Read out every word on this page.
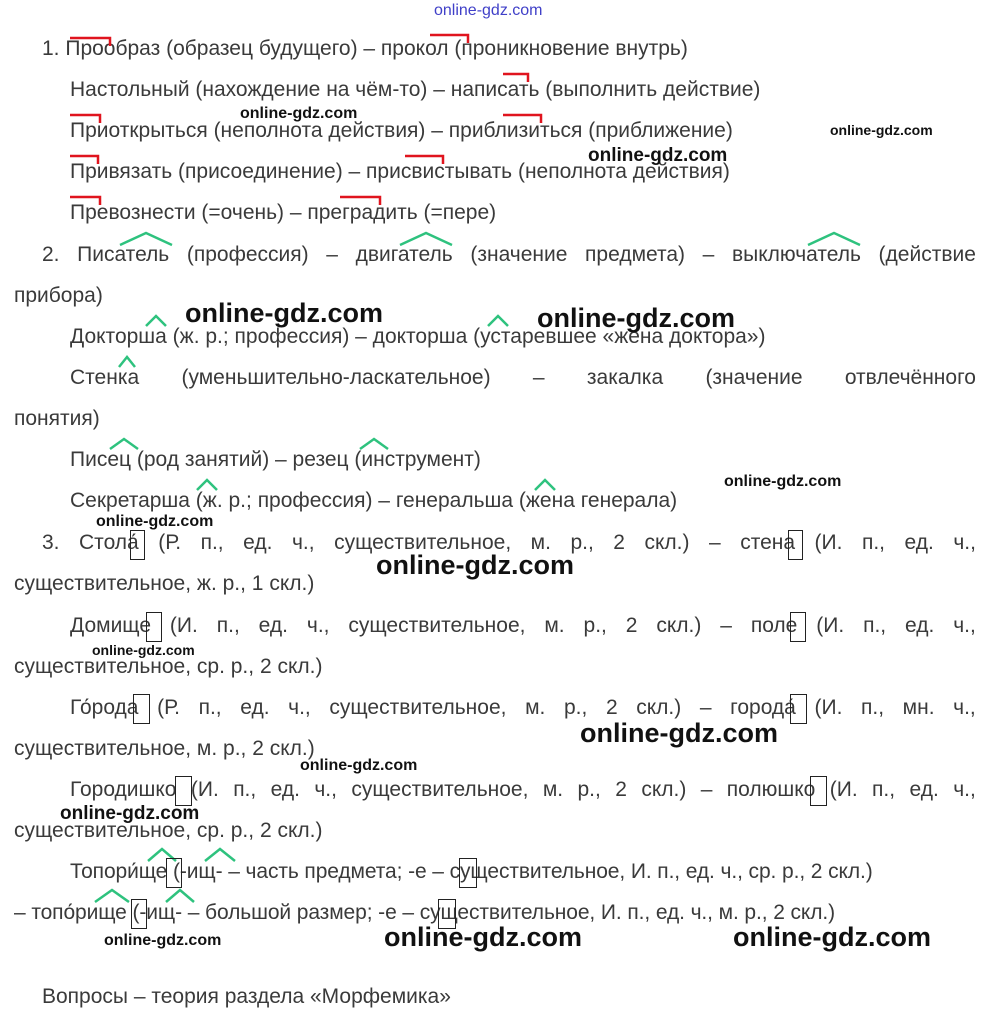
online-gdz.com
1. Прообраз (образец будущего) – прокол (проникновение внутрь)
Настольный (нахождение на чём-то) – написать (выполнить действие)
Приоткрыться (неполнота действия) – приблизиться (приближение)
Привязать (присоединение) – присвистывать (неполнота действия)
Превознести (=очень) – преградить (=пере)
2. Писатель (профессия) – двигатель (значение предмета) – выключатель (действие
прибора)
Докторша (ж. р.; профессия) – докторша (устаревшее «жена доктора»)
Стенка (уменьшительно-ласкательное) – закалка (значение отвлечённого
понятия)
Писец (род занятий) – резец (инструмент)
Секретарша (ж. р.; профессия) – генеральша (жена генерала)
3. Стола́ (Р. п., ед. ч., существительное, м. р., 2 скл.) – стена (И. п., ед. ч.,
существительное, ж. р., 1 скл.)
Домище (И. п., ед. ч., существительное, м. р., 2 скл.) – поле (И. п., ед. ч.,
существительное, ср. р., 2 скл.)
Го́рода (Р. п., ед. ч., существительное, м. р., 2 скл.) – города́ (И. п., мн. ч.,
существительное, м. р., 2 скл.)
Городишко (И. п., ед. ч., существительное, м. р., 2 скл.) – полюшко (И. п., ед. ч.,
существительное, ср. р., 2 скл.)
Топори́ще (-ищ- – часть предмета; -е – существительное, И. п., ед. ч., ср. р., 2 скл.)
– топо́рище (-ищ- – большой размер; -е – существительное, И. п., ед. ч., м. р., 2 скл.)
Вопросы – теория раздела «Морфемика»
online-gdz.com
online-gdz.com
online-gdz.com
online-gdz.com	online-gdz.com
online-gdz.com
online-gdz.com
online-gdz.com
online-gdz.com
online-gdz.com
online-gdz.com
online-gdz.com
online-gdz.com	online-gdz.com	online-gdz.com
